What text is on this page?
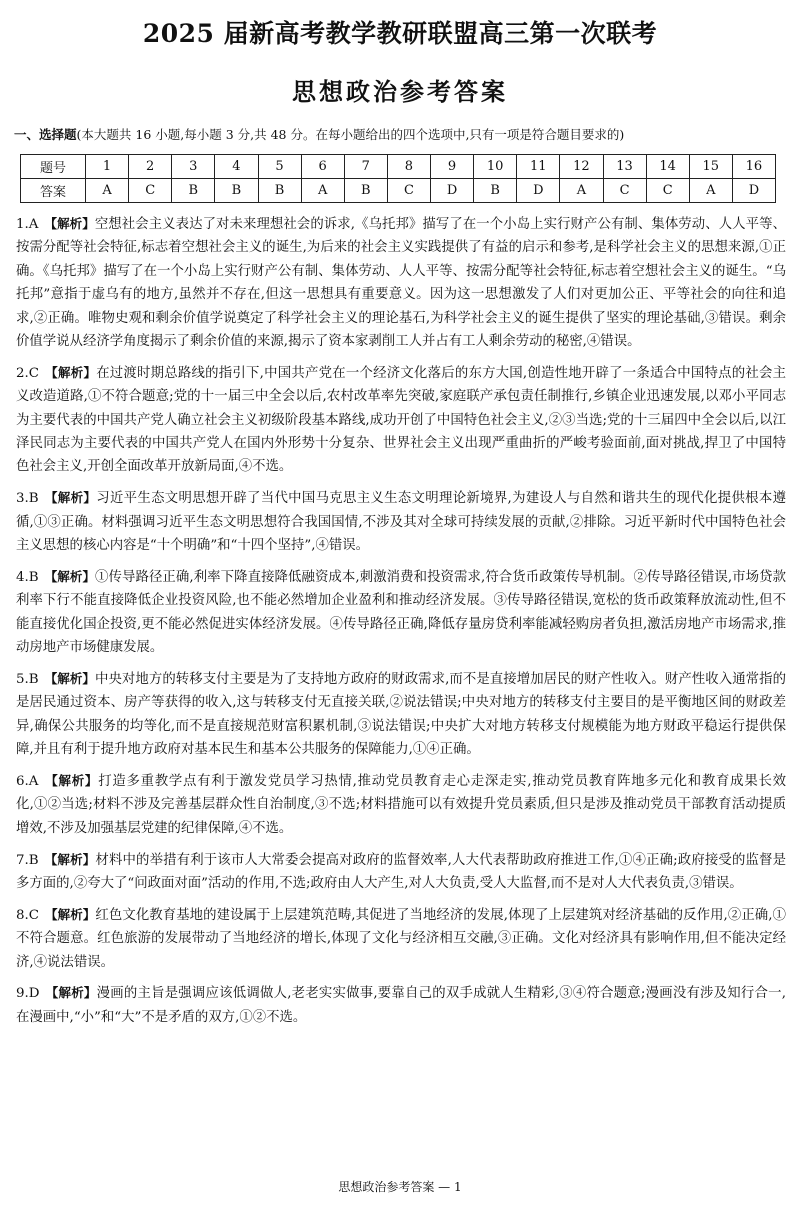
2025 届新高考教学教研联盟高三第一次联考
思想政治参考答案
一、选择题(本大题共 16 小题,每小题 3 分,共 48 分。在每小题给出的四个选项中,只有一项是符合题目要求的)
题号	1	2	3	4	5	6	7	8	9	10	11	12	13	14	15	16
答案	A	C	B	B	B	A	B	C	D	B	D	A	C	C	A	D

1.A 【解析】空想社会主义表达了对未来理想社会的诉求,《乌托邦》描写了在一个小岛上实行财产公有制、集体劳动、人人平等、按需分配等社会特征,标志着空想社会主义的诞生,为后来的社会主义实践提供了有益的启示和参考,是科学社会主义的思想来源,①正确。《乌托邦》描写了在一个小岛上实行财产公有制、集体劳动、人人平等、按需分配等社会特征,标志着空想社会主义的诞生。“乌托邦”意指于虚乌有的地方,虽然并不存在,但这一思想具有重要意义。因为这一思想激发了人们对更加公正、平等社会的向往和追求,②正确。唯物史观和剩余价值学说奠定了科学社会主义的理论基石,为科学社会主义的诞生提供了坚实的理论基础,③错误。剩余价值学说从经济学角度揭示了剩余价值的来源,揭示了资本家剥削工人并占有工人剩余劳动的秘密,④错误。

2.C 【解析】在过渡时期总路线的指引下,中国共产党在一个经济文化落后的东方大国,创造性地开辟了一条适合中国特点的社会主义改造道路,①不符合题意;党的十一届三中全会以后,农村改革率先突破,家庭联产承包责任制推行,乡镇企业迅速发展,以邓小平同志为主要代表的中国共产党人确立社会主义初级阶段基本路线,成功开创了中国特色社会主义,②③当选;党的十三届四中全会以后,以江泽民同志为主要代表的中国共产党人在国内外形势十分复杂、世界社会主义出现严重曲折的严峻考验面前,面对挑战,捍卫了中国特色社会主义,开创全面改革开放新局面,④不选。

3.B 【解析】习近平生态文明思想开辟了当代中国马克思主义生态文明理论新境界,为建设人与自然和谐共生的现代化提供根本遵循,①③正确。材料强调习近平生态文明思想符合我国国情,不涉及其对全球可持续发展的贡献,②排除。习近平新时代中国特色社会主义思想的核心内容是“十个明确”和“十四个坚持”,④错误。

4.B 【解析】①传导路径正确,利率下降直接降低融资成本,刺激消费和投资需求,符合货币政策传导机制。②传导路径错误,市场贷款利率下行不能直接降低企业投资风险,也不能必然增加企业盈利和推动经济发展。③传导路径错误,宽松的货币政策释放流动性,但不能直接优化国企投资,更不能必然促进实体经济发展。④传导路径正确,降低存量房贷利率能减轻购房者负担,激活房地产市场需求,推动房地产市场健康发展。

5.B 【解析】中央对地方的转移支付主要是为了支持地方政府的财政需求,而不是直接增加居民的财产性收入。财产性收入通常指的是居民通过资本、房产等获得的收入,这与转移支付无直接关联,②说法错误;中央对地方的转移支付主要目的是平衡地区间的财政差异,确保公共服务的均等化,而不是直接规范财富积累机制,③说法错误;中央扩大对地方转移支付规模能为地方财政平稳运行提供保障,并且有利于提升地方政府对基本民生和基本公共服务的保障能力,①④正确。

6.A 【解析】打造多重教学点有利于激发党员学习热情,推动党员教育走心走深走实,推动党员教育阵地多元化和教育成果长效化,①②当选;材料不涉及完善基层群众性自治制度,③不选;材料措施可以有效提升党员素质,但只是涉及推动党员干部教育活动提质增效,不涉及加强基层党建的纪律保障,④不选。

7.B 【解析】材料中的举措有利于该市人大常委会提高对政府的监督效率,人大代表帮助政府推进工作,①④正确;政府接受的监督是多方面的,②夸大了“问政面对面”活动的作用,不选;政府由人大产生,对人大负责,受人大监督,而不是对人大代表负责,③错误。

8.C 【解析】红色文化教育基地的建设属于上层建筑范畴,其促进了当地经济的发展,体现了上层建筑对经济基础的反作用,②正确,①不符合题意。红色旅游的发展带动了当地经济的增长,体现了文化与经济相互交融,③正确。文化对经济具有影响作用,但不能决定经济,④说法错误。

9.D 【解析】漫画的主旨是强调应该低调做人,老老实实做事,要靠自己的双手成就人生精彩,③④符合题意;漫画没有涉及知行合一,在漫画中,“小”和“大”不是矛盾的双方,①②不选。

思想政治参考答案 — 1
